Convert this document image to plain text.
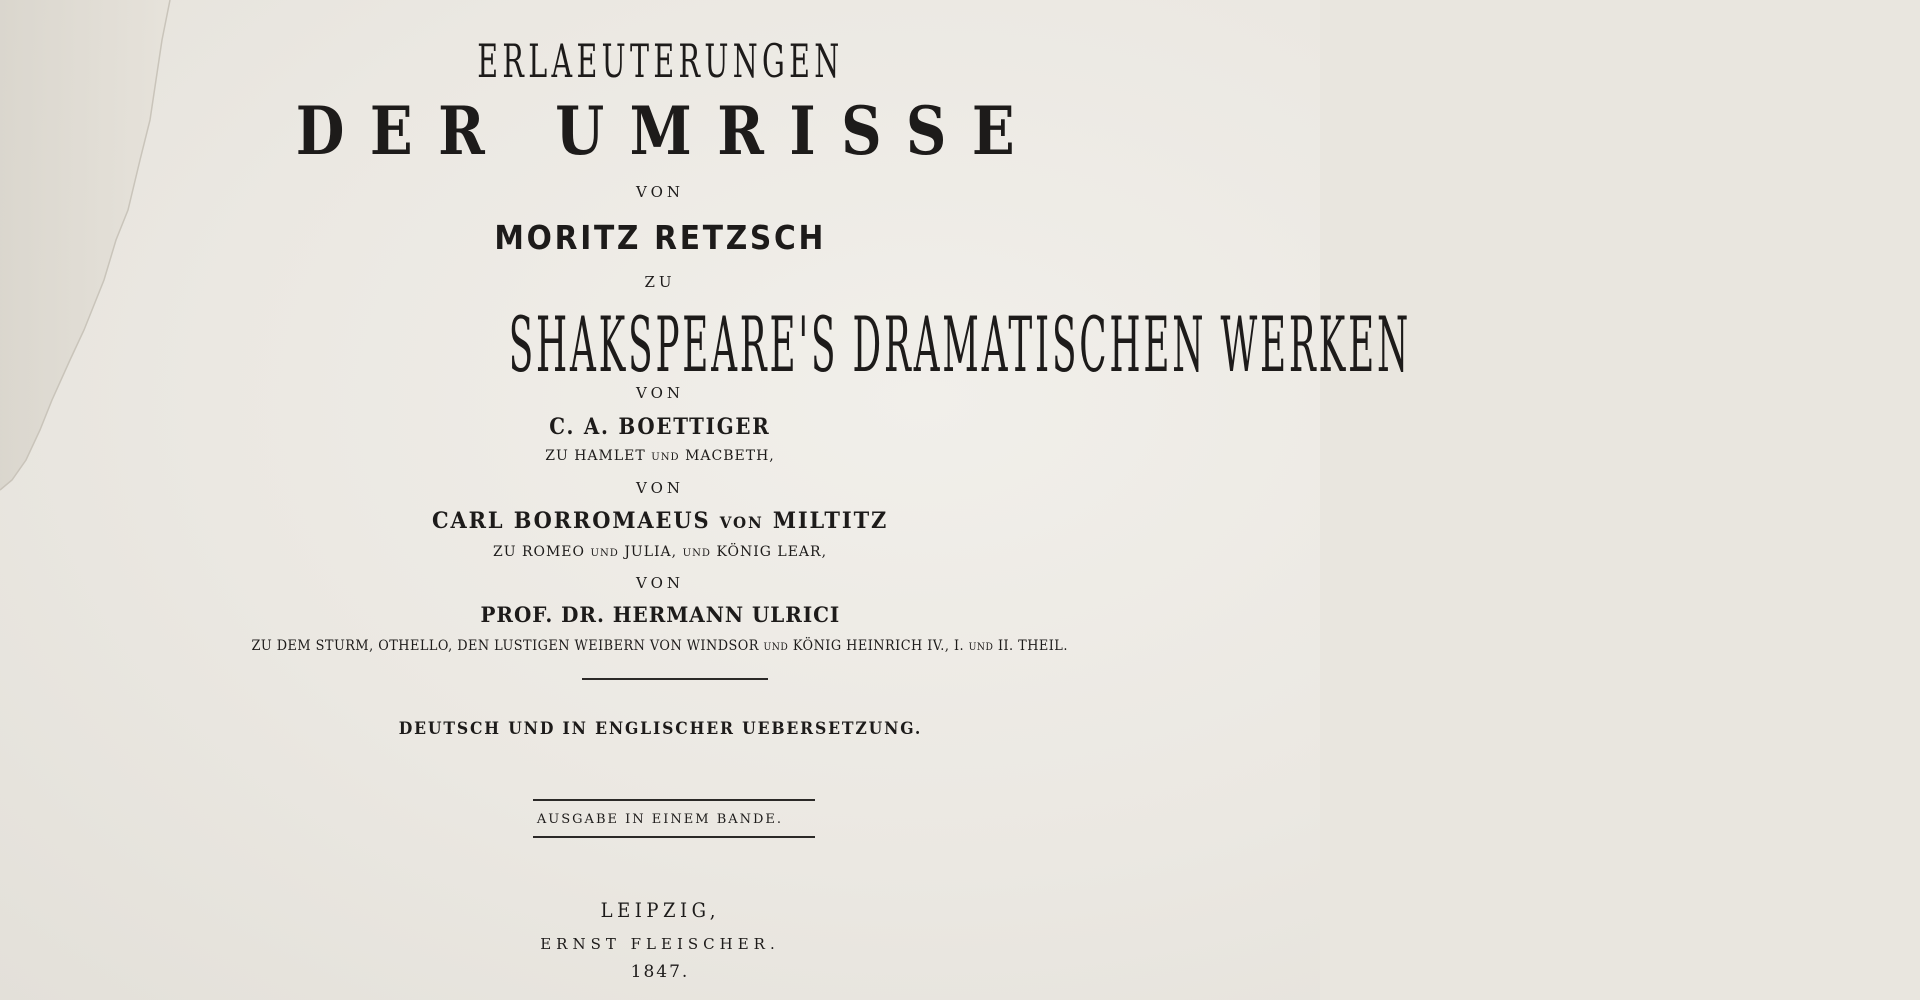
ERLAEUTERUNGEN
DER UMRISSE
VON
MORITZ RETZSCH
ZU
SHAKSPEARE'S DRAMATISCHEN WERKEN
VON
C. A. BOETTIGER
ZU HAMLET UND MACBETH,
VON
CARL BORROMAEUS VON MILTITZ
ZU ROMEO UND JULIA, UND KÖNIG LEAR,
VON
PROF. DR. HERMANN ULRICI
ZU DEM STURM, OTHELLO, DEN LUSTIGEN WEIBERN VON WINDSOR UND KÖNIG HEINRICH IV., I. UND II. THEIL.
DEUTSCH UND IN ENGLISCHER UEBERSETZUNG.
AUSGABE IN EINEM BANDE.
LEIPZIG,
ERNST FLEISCHER.
1847.
